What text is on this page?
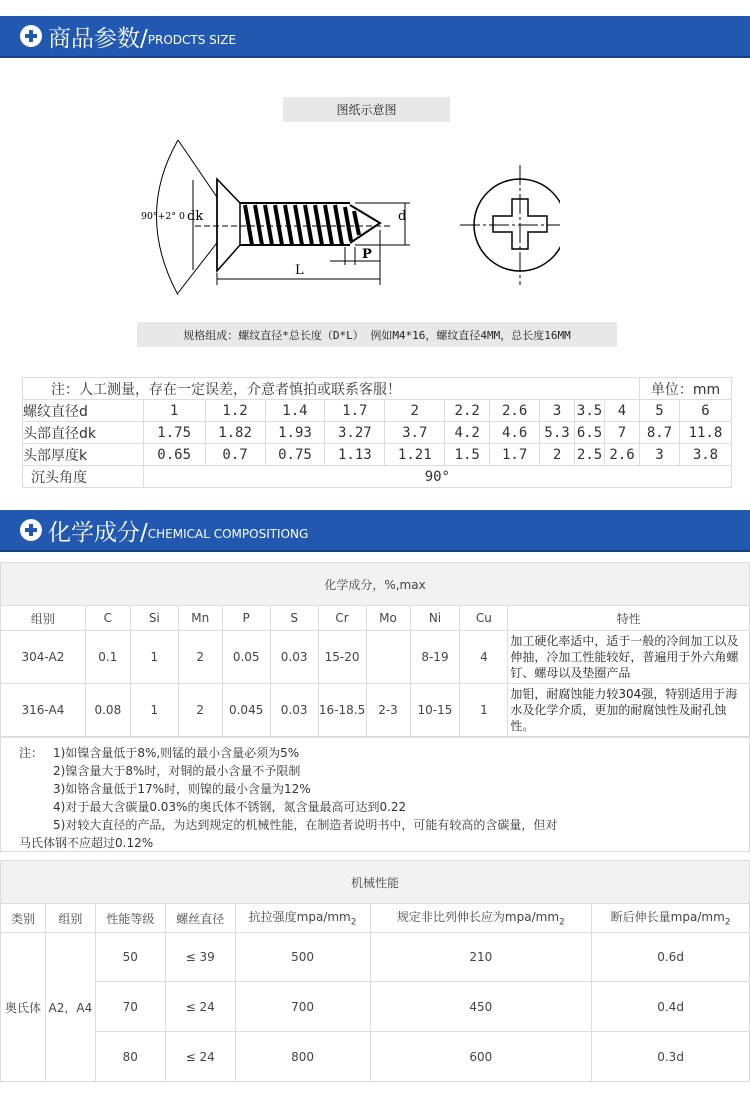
商品参数/ PRODCTS SIZE
图纸示意图
d
P
L
90°+2° 0 dk
规格组成：螺纹直径*总长度（D*L） 例如M4*16，螺纹直径4MM，总长度16MM
注：人工测量，存在一定误差，介意者慎拍或联系客服！											单位：mm	
螺纹直径d	1	1.2	1.4	1.7	2	2.2	2.6	3	3.5	4	5	6
头部直径dk	1.75	1.82	1.93	3.27	3.7	4.2	4.6	5.3	6.5	7	8.7	11.8
头部厚度k	0.65	0.7	0.75	1.13	1.21	1.5	1.7	2	2.5	2.6	3	3.8
沉头角度	90°											
化学成分/ CHEMICAL COMPOSITIONG
化学成分，%,max										
组别	C	Si	Mn	P	S	Cr	Mo	Ni	Cu	特性
304-A2	0.1	1	2	0.05	0.03	15-20		8-19	4	加工硬化率适中，适于一般的冷间加工以及伸抽，冷加工性能较好，普遍用于外六角螺钉、螺母以及垫圈产品
316-A4	0.08	1	2	0.045	0.03	16-18.5	2-3	10-15	1	加钼，耐腐蚀能力较304强，特别适用于海水及化学介质，更加的耐腐蚀性及耐孔蚀性。
注： 1)如镍含量低于8%,则锰的最小含量必须为5%
2)镍含量大于8%时，对铜的最小含量不予限制
3)如铬含量低于17%时，则镍的最小含量为12%
4)对于最大含碳量0.03%的奥氏体不锈钢，氮含量最高可达到0.22
5)对较大直径的产品，为达到规定的机械性能，在制造者说明书中，可能有较高的含碳量，但对
马氏体钢不应超过0.12%
机械性能						
类别	组别	性能等级	螺丝直径	抗拉强度mpa/$mm_2$	规定非比列伸长应为mpa/$mm_2$	断后伸长量mpa/$mm_2$
奥氏体	A2，A4	50	≤ 39	500	210	0.6d
		70	≤ 24	700	450	0.4d
		80	≤ 24	800	600	0.3d
